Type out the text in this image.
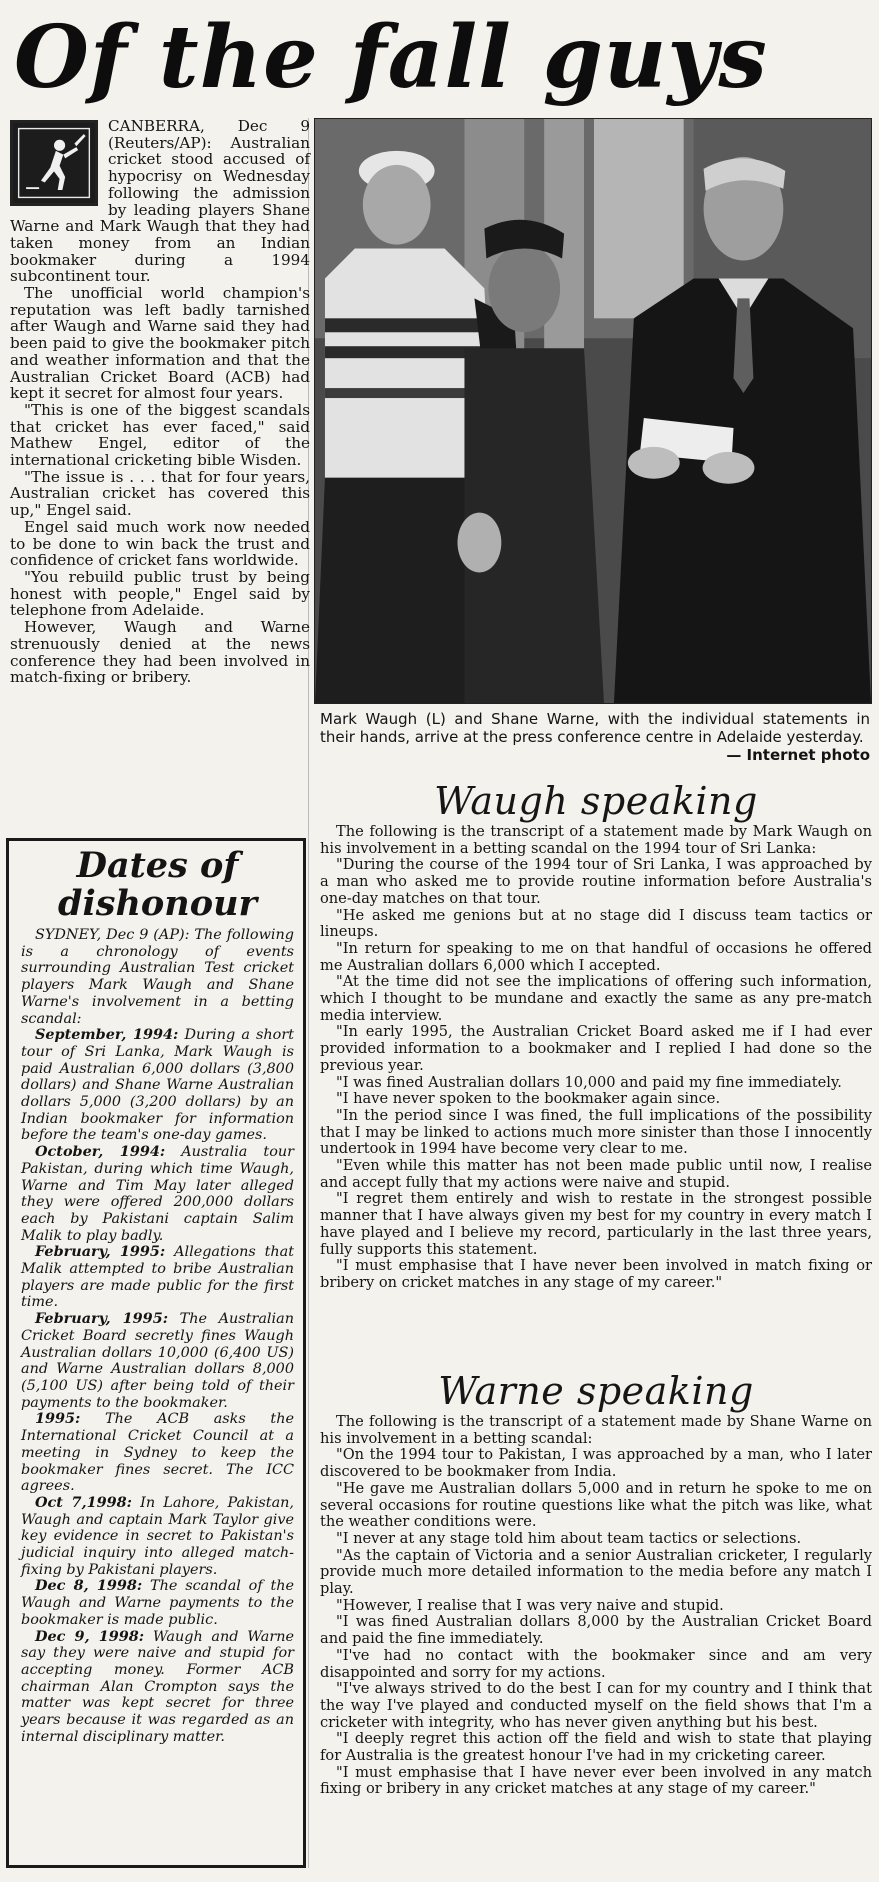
Of the fall guys

CANBERRA, Dec 9 (Reuters/AP): Australian cricket stood accused of hypocrisy on Wednesday following the admission by leading players Shane Warne and Mark Waugh that they had taken money from an Indian bookmaker during a 1994 subcontinent tour.

The unofficial world champion's reputation was left badly tarnished after Waugh and Warne said they had been paid to give the bookmaker pitch and weather information and that the Australian Cricket Board (ACB) had kept it secret for almost four years.

"This is one of the biggest scandals that cricket has ever faced," said Mathew Engel, editor of the international cricketing bible Wisden.

"The issue is . . . that for four years, Australian cricket has covered this up," Engel said.

Engel said much work now needed to be done to win back the trust and confidence of cricket fans worldwide.

"You rebuild public trust by being honest with people," Engel said by telephone from Adelaide.

However, Waugh and Warne strenuously denied at the news conference they had been involved in match-fixing or bribery.

Mark Waugh (L) and Shane Warne, with the individual statements in their hands, arrive at the press conference centre in Adelaide yesterday.
— Internet photo
Dates of
dishonour

SYDNEY, Dec 9 (AP): The following is a chronology of events surrounding Australian Test cricket players Mark Waugh and Shane Warne's involvement in a betting scandal:

September, 1994: During a short tour of Sri Lanka, Mark Waugh is paid Australian 6,000 dollars (3,800 dollars) and Shane Warne Australian dollars 5,000 (3,200 dollars) by an Indian bookmaker for information before the team's one-day games.

October, 1994: Australia tour Pakistan, during which time Waugh, Warne and Tim May later alleged they were offered 200,000 dollars each by Pakistani captain Salim Malik to play badly.

February, 1995: Allegations that Malik attempted to bribe Australian players are made public for the first time.

February, 1995: The Australian Cricket Board secretly fines Waugh Australian dollars 10,000 (6,400 US) and Warne Australian dollars 8,000 (5,100 US) after being told of their payments to the bookmaker.

1995: The ACB asks the International Cricket Council at a meeting in Sydney to keep the bookmaker fines secret. The ICC agrees.

Oct 7,1998: In Lahore, Pakistan, Waugh and captain Mark Taylor give key evidence in secret to Pakistan's judicial inquiry into alleged match-fixing by Pakistani players.

Dec 8, 1998: The scandal of the Waugh and Warne payments to the bookmaker is made public.

Dec 9, 1998: Waugh and Warne say they were naive and stupid for accepting money. Former ACB chairman Alan Crompton says the matter was kept secret for three years because it was regarded as an internal disciplinary matter.

Waugh speaking

The following is the transcript of a statement made by Mark Waugh on his involvement in a betting scandal on the 1994 tour of Sri Lanka:

"During the course of the 1994 tour of Sri Lanka, I was approached by a man who asked me to provide routine information before Australia's one-day matches on that tour.

"He asked me genions but at no stage did I discuss team tactics or lineups.

"In return for speaking to me on that handful of occasions he offered me Australian dollars 6,000 which I accepted.

"At the time did not see the implications of offering such information, which I thought to be mundane and exactly the same as any pre-match media interview.

"In early 1995, the Australian Cricket Board asked me if I had ever provided information to a bookmaker and I replied I had done so the previous year.

"I was fined Australian dollars 10,000 and paid my fine immediately.

"I have never spoken to the bookmaker again since.

"In the period since I was fined, the full implications of the possibility that I may be linked to actions much more sinister than those I innocently undertook in 1994 have become very clear to me.

"Even while this matter has not been made public until now, I realise and accept fully that my actions were naive and stupid.

"I regret them entirely and wish to restate in the strongest possible manner that I have always given my best for my country in every match I have played and I believe my record, particularly in the last three years, fully supports this statement.

"I must emphasise that I have never been involved in match fixing or bribery on cricket matches in any stage of my career."

Warne speaking

The following is the transcript of a statement made by Shane Warne on his involvement in a betting scandal:

"On the 1994 tour to Pakistan, I was approached by a man, who I later discovered to be bookmaker from India.

"He gave me Australian dollars 5,000 and in return he spoke to me on several occasions for routine questions like what the pitch was like, what the weather conditions were.

"I never at any stage told him about team tactics or selections.

"As the captain of Victoria and a senior Australian cricketer, I regularly provide much more detailed information to the media before any match I play.

"However, I realise that I was very naive and stupid.

"I was fined Australian dollars 8,000 by the Australian Cricket Board and paid the fine immediately.

"I've had no contact with the bookmaker since and am very disappointed and sorry for my actions.

"I've always strived to do the best I can for my country and I think that the way I've played and conducted myself on the field shows that I'm a cricketer with integrity, who has never given anything but his best.

"I deeply regret this action off the field and wish to state that playing for Australia is the greatest honour I've had in my cricketing career.

"I must emphasise that I have never ever been involved in any match fixing or bribery in any cricket matches at any stage of my career."
